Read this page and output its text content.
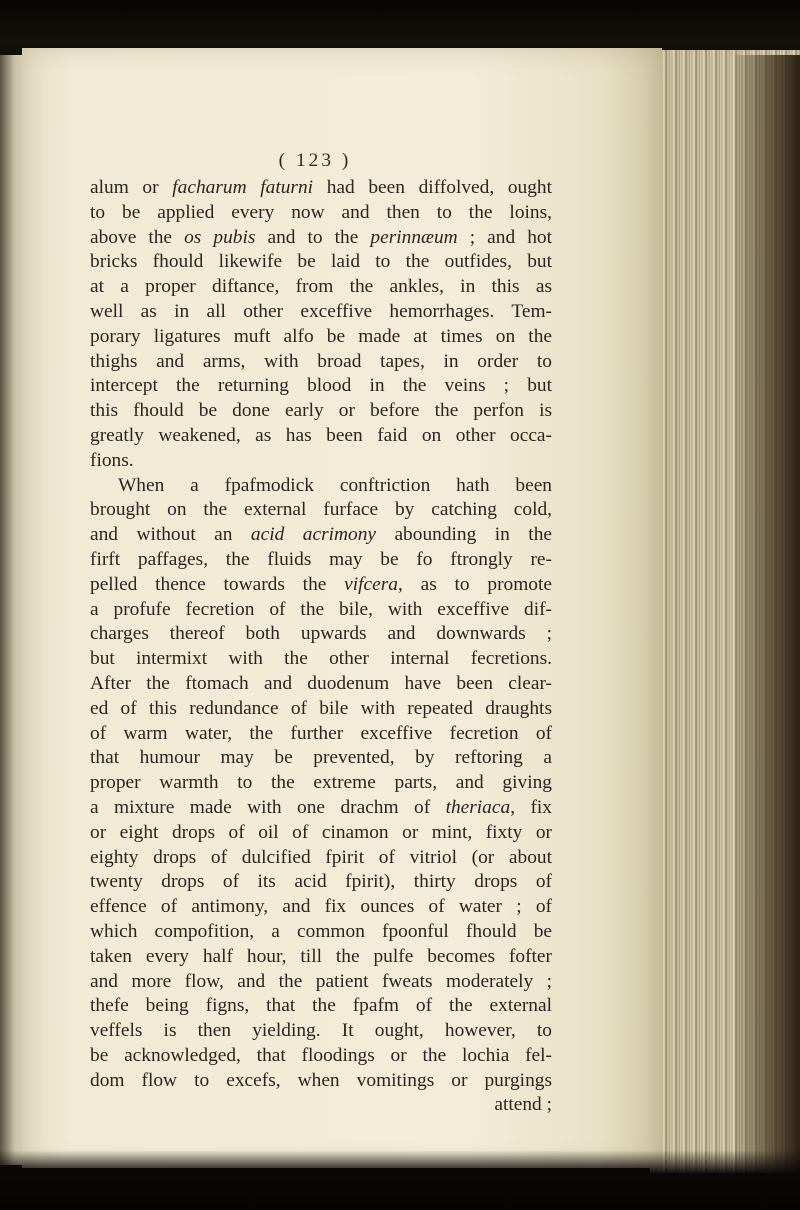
( 123 )
alum or facharum faturni had been diffolved, ought
to be applied every now and then to the loins,
above the os pubis and to the perinnæum ; and hot
bricks fhould likewife be laid to the outfides, but
at a proper diftance, from the ankles, in this as
well as in all other exceffive hemorrhages. Tem-
porary ligatures muft alfo be made at times on the
thighs and arms, with broad tapes, in order to
intercept the returning blood in the veins ; but
this fhould be done early or before the perfon is
greatly weakened, as has been faid on other occa-
fions.
When a fpafmodick conftriction hath been
brought on the external furface by catching cold,
and without an acid acrimony abounding in the
firft paffages, the fluids may be fo ftrongly re-
pelled thence towards the vifcera, as to promote
a profufe fecretion of the bile, with exceffive dif-
charges thereof both upwards and downwards ;
but intermixt with the other internal fecretions.
After the ftomach and duodenum have been clear-
ed of this redundance of bile with repeated draughts
of warm water, the further exceffive fecretion of
that humour may be prevented, by reftoring a
proper warmth to the extreme parts, and giving
a mixture made with one drachm of theriaca, fix
or eight drops of oil of cinamon or mint, fixty or
eighty drops of dulcified fpirit of vitriol (or about
twenty drops of its acid fpirit), thirty drops of
effence of antimony, and fix ounces of water ; of
which compofition, a common fpoonful fhould be
taken every half hour, till the pulfe becomes fofter
and more flow, and the patient fweats moderately ;
thefe being figns, that the fpafm of the external
veffels is then yielding. It ought, however, to
be acknowledged, that floodings or the lochia fel-
dom flow to excefs, when vomitings or purgings
attend ;
